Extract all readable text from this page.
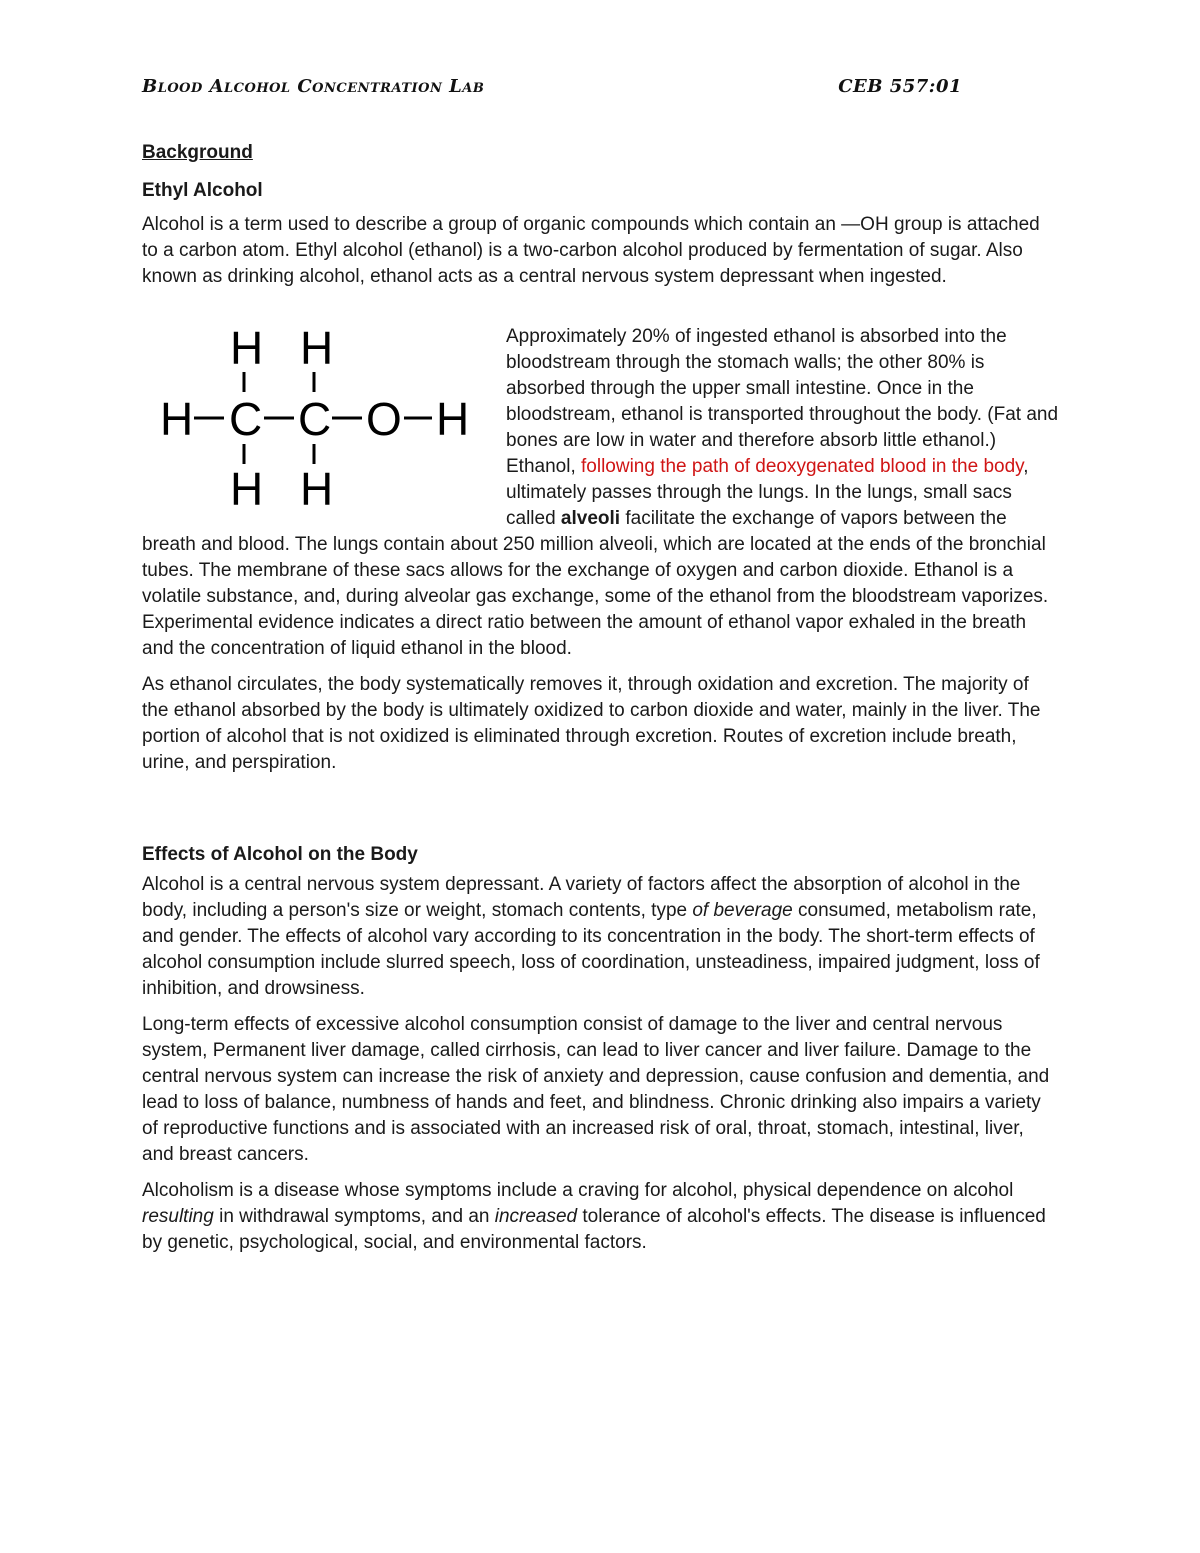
Blood Alcohol Concentration Lab	CEB 557:01
Background
Ethyl Alcohol

Alcohol is a term used to describe a group of organic compounds which contain an —OH group is attached to a carbon atom. Ethyl alcohol (ethanol) is a two-carbon alcohol produced by fermentation of sugar. Also known as drinking alcohol, ethanol acts as a central nervous system depressant when ingested.

H H
H C C O H
H H

Approximately 20% of ingested ethanol is absorbed into the bloodstream through the stomach walls; the other 80% is absorbed through the upper small intestine. Once in the bloodstream, ethanol is transported throughout the body. (Fat and bones are low in water and therefore absorb little ethanol.) Ethanol, following the path of deoxygenated blood in the body, ultimately passes through the lungs. In the lungs, small sacs called alveoli facilitate the exchange of vapors between the breath and blood. The lungs contain about 250 million alveoli, which are located at the ends of the bronchial tubes. The membrane of these sacs allows for the exchange of oxygen and carbon dioxide. Ethanol is a volatile substance, and, during alveolar gas exchange, some of the ethanol from the bloodstream vaporizes. Experimental evidence indicates a direct ratio between the amount of ethanol vapor exhaled in the breath and the concentration of liquid ethanol in the blood.

As ethanol circulates, the body systematically removes it, through oxidation and excretion. The majority of the ethanol absorbed by the body is ultimately oxidized to carbon dioxide and water, mainly in the liver. The portion of alcohol that is not oxidized is eliminated through excretion. Routes of excretion include breath, urine, and perspiration.

Effects of Alcohol on the Body

Alcohol is a central nervous system depressant. A variety of factors affect the absorption of alcohol in the body, including a person's size or weight, stomach contents, type of beverage consumed, metabolism rate, and gender. The effects of alcohol vary according to its concentration in the body. The short-term effects of alcohol consumption include slurred speech, loss of coordination, unsteadiness, impaired judgment, loss of inhibition, and drowsiness.

Long-term effects of excessive alcohol consumption consist of damage to the liver and central nervous system, Permanent liver damage, called cirrhosis, can lead to liver cancer and liver failure. Damage to the central nervous system can increase the risk of anxiety and depression, cause confusion and dementia, and lead to loss of balance, numbness of hands and feet, and blindness. Chronic drinking also impairs a variety of reproductive functions and is associated with an increased risk of oral, throat, stomach, intestinal, liver, and breast cancers.

Alcoholism is a disease whose symptoms include a craving for alcohol, physical dependence on alcohol resulting in withdrawal symptoms, and an increased tolerance of alcohol's effects. The disease is influenced by genetic, psychological, social, and environmental factors.
